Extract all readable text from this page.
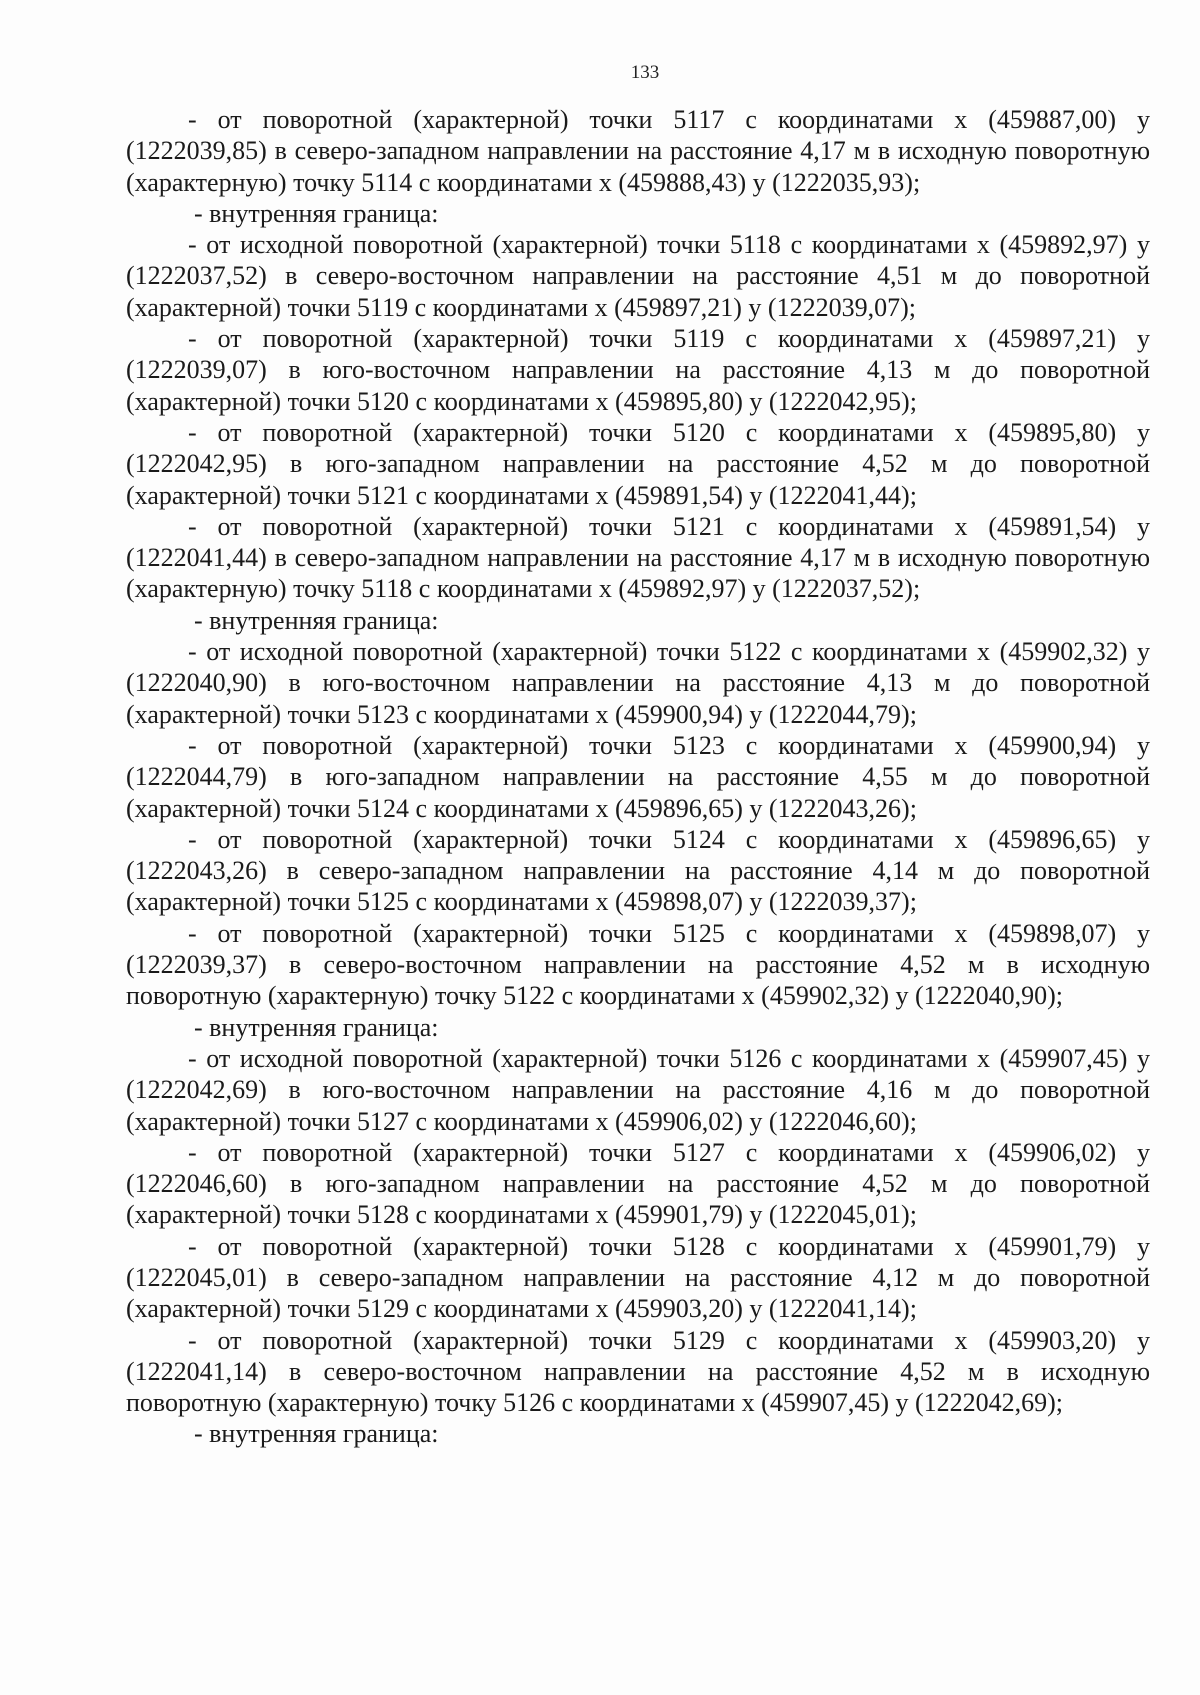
133

- от поворотной (характерной) точки 5117 с координатами х (459887,00) у (1222039,85) в северо-западном направлении на расстояние 4,17 м в исходную поворотную (характерную) точку 5114 с координатами х (459888,43) у (1222035,93);

- внутренняя граница:

- от исходной поворотной (характерной) точки 5118 с координатами х (459892,97) у (1222037,52) в северо-восточном направлении на расстояние 4,51 м до поворотной (характерной) точки 5119 с координатами х (459897,21) у (1222039,07);

- от поворотной (характерной) точки 5119 с координатами х (459897,21) у (1222039,07) в юго-восточном направлении на расстояние 4,13 м до поворотной (характерной) точки 5120 с координатами х (459895,80) у (1222042,95);

- от поворотной (характерной) точки 5120 с координатами х (459895,80) у (1222042,95) в юго-западном направлении на расстояние 4,52 м до поворотной (характерной) точки 5121 с координатами х (459891,54) у (1222041,44);

- от поворотной (характерной) точки 5121 с координатами х (459891,54) у (1222041,44) в северо-западном направлении на расстояние 4,17 м в исходную поворотную (характерную) точку 5118 с координатами х (459892,97) у (1222037,52);

- внутренняя граница:

- от исходной поворотной (характерной) точки 5122 с координатами х (459902,32) у (1222040,90) в юго-восточном направлении на расстояние 4,13 м до поворотной (характерной) точки 5123 с координатами х (459900,94) у (1222044,79);

- от поворотной (характерной) точки 5123 с координатами х (459900,94) у (1222044,79) в юго-западном направлении на расстояние 4,55 м до поворотной (характерной) точки 5124 с координатами х (459896,65) у (1222043,26);

- от поворотной (характерной) точки 5124 с координатами х (459896,65) у (1222043,26) в северо-западном направлении на расстояние 4,14 м до поворотной (характерной) точки 5125 с координатами х (459898,07) у (1222039,37);

- от поворотной (характерной) точки 5125 с координатами х (459898,07) у (1222039,37) в северо-восточном направлении на расстояние 4,52 м в исходную поворотную (характерную) точку 5122 с координатами х (459902,32) у (1222040,90);

- внутренняя граница:

- от исходной поворотной (характерной) точки 5126 с координатами х (459907,45) у (1222042,69) в юго-восточном направлении на расстояние 4,16 м до поворотной (характерной) точки 5127 с координатами х (459906,02) у (1222046,60);

- от поворотной (характерной) точки 5127 с координатами х (459906,02) у (1222046,60) в юго-западном направлении на расстояние 4,52 м до поворотной (характерной) точки 5128 с координатами х (459901,79) у (1222045,01);

- от поворотной (характерной) точки 5128 с координатами х (459901,79) у (1222045,01) в северо-западном направлении на расстояние 4,12 м до поворотной (характерной) точки 5129 с координатами х (459903,20) у (1222041,14);

- от поворотной (характерной) точки 5129 с координатами х (459903,20) у (1222041,14) в северо-восточном направлении на расстояние 4,52 м в исходную поворотную (характерную) точку 5126 с координатами х (459907,45) у (1222042,69);

- внутренняя граница:
